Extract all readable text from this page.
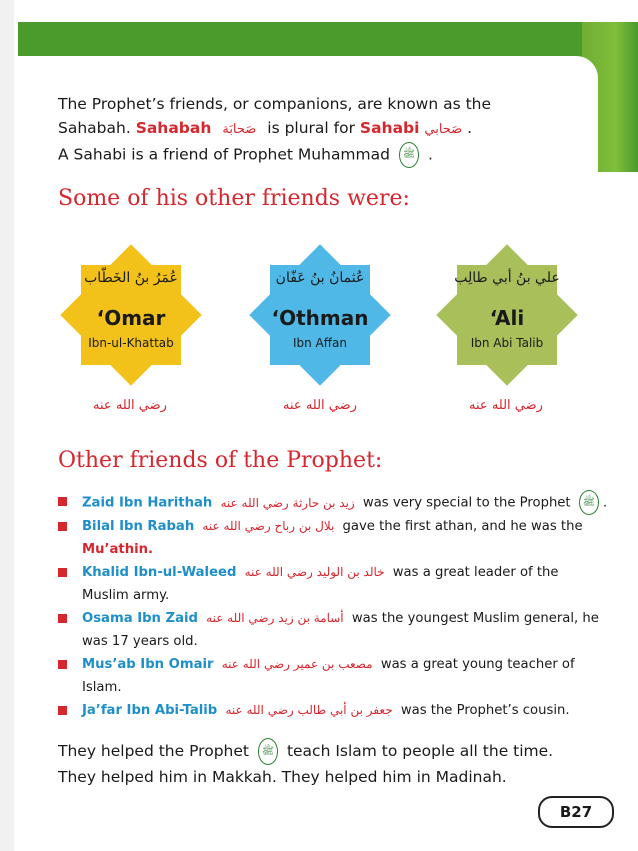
The Prophet’s friends, or companions, are known as the
Sahabah. Sahabah صَحابَة is plural for Sahabi صَحابي .
A Sahabi is a friend of Prophet Muhammad ﷺ .
Some of his other friends were:
عُمَرُ بنُ الخَطّاب
‘Omar
Ibn-ul-Khattab
عُثمانُ بنُ عَفّان
‘Othman
Ibn Affan
علي بنُ أبي طالِب
‘Ali
Ibn Abi Talib
رضي الله عنه	رضي الله عنه	رضي الله عنه
Other friends of the Prophet:
Zaid Ibn Harithah زيد بن حارثة رضي الله عنه was very special to the Prophet ﷺ .
Bilal Ibn Rabah بلال بن رباح رضي الله عنه gave the first athan, and he was the
Mu’athin.
Khalid Ibn-ul-Waleed خالد بن الوليد رضي الله عنه was a great leader of the
Muslim army.
Osama Ibn Zaid أسامة بن زيد رضي الله عنه was the youngest Muslim general, he
was 17 years old.
Mus’ab Ibn Omair مصعب بن عمير رضي الله عنه was a great young teacher of Islam.
Ja’far Ibn Abi-Talib جعفر بن أبي طالب رضي الله عنه was the Prophet’s cousin.
They helped the Prophet ﷺ teach Islam to people all the time.
They helped him in Makkah. They helped him in Madinah.
B27
